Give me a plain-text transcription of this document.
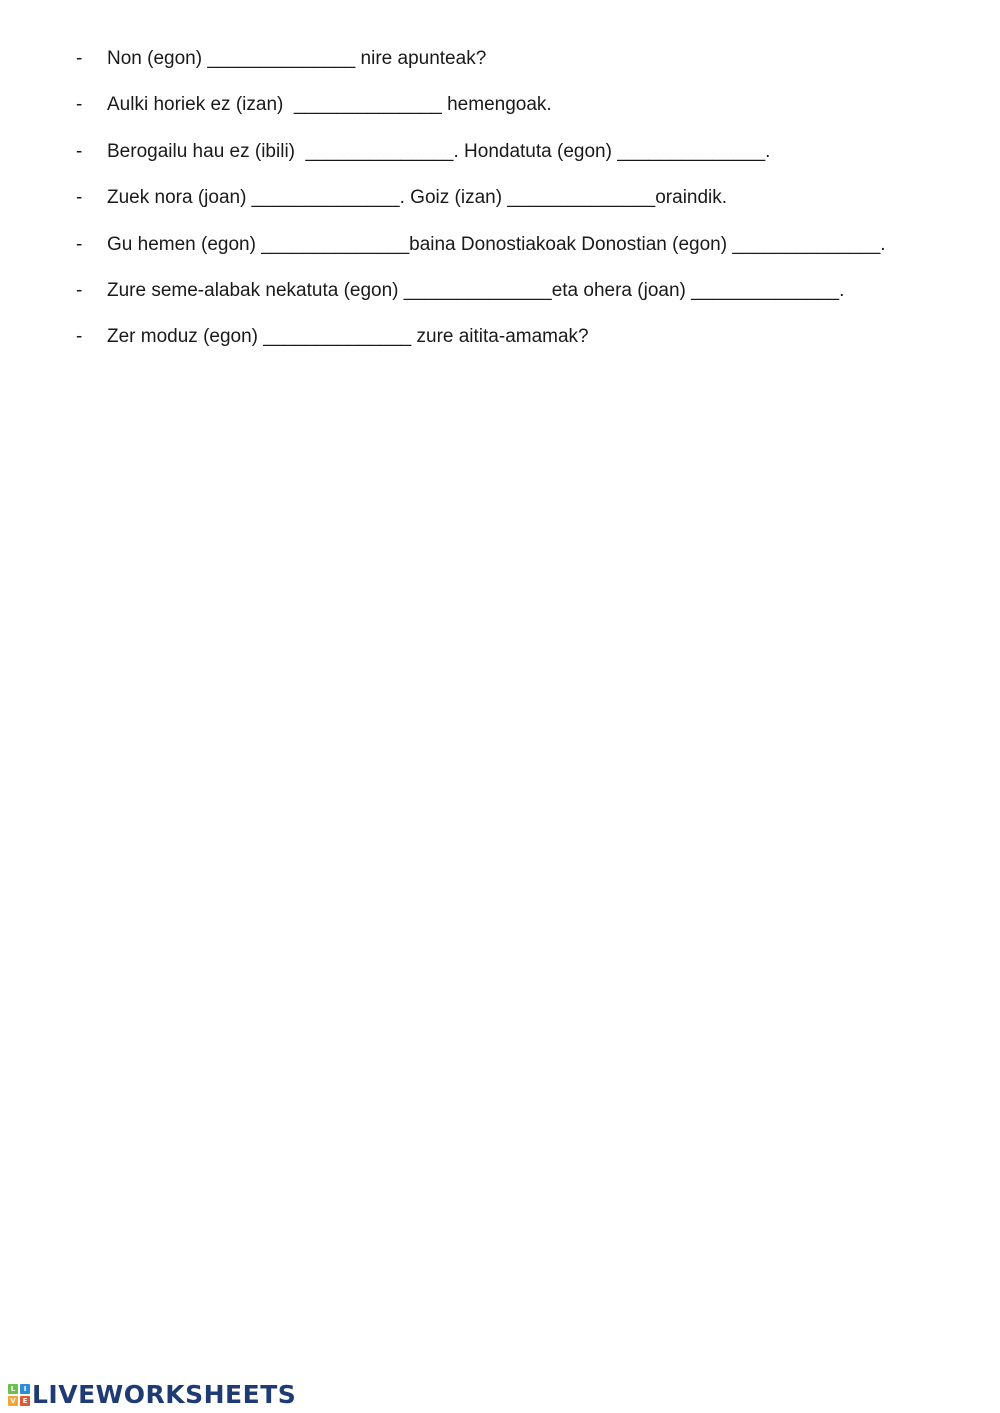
- Non (egon) ______________ nire apunteak?
- Aulki horiek ez (izan)  ______________ hemengoak.
- Berogailu hau ez (ibili)  ______________. Hondatuta (egon) ______________.
- Zuek nora (joan) ______________. Goiz (izan) ______________oraindik.
- Gu hemen (egon) ______________baina Donostiakoak Donostian (egon) ______________.
- Zure seme-alabak nekatuta (egon) ______________eta ohera (joan) ______________.
- Zer moduz (egon) ______________ zure aitita-amamak?
L	I
V E LIVEWORKSHEETS
